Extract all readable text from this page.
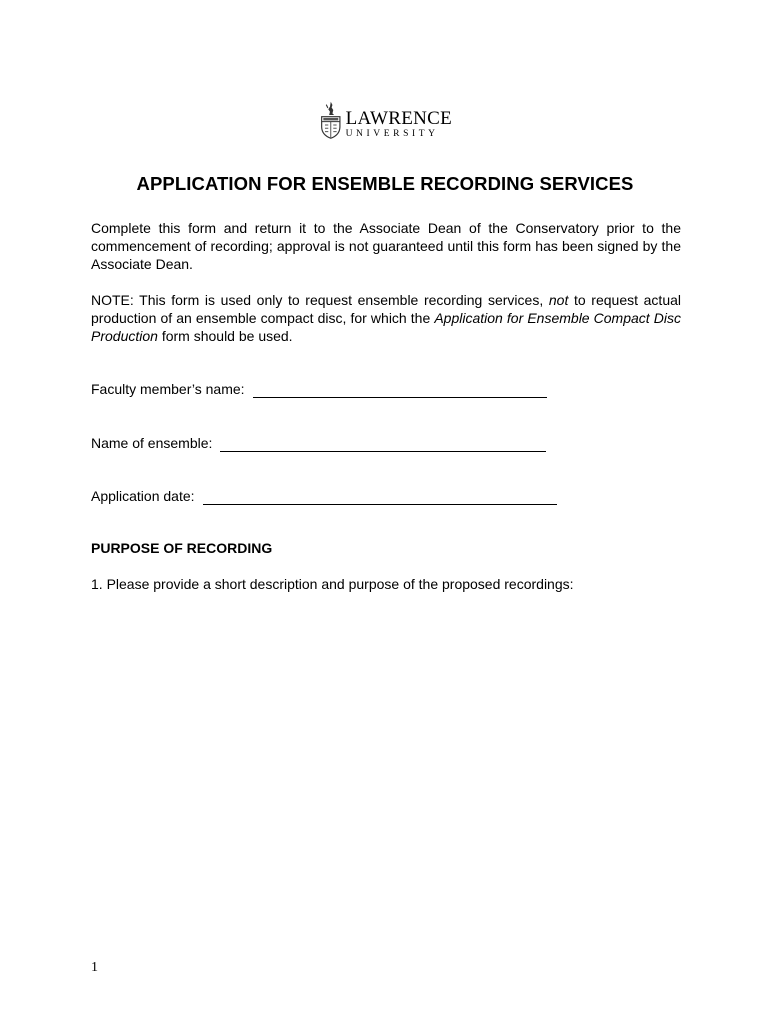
LAWRENCE
UNIVERSITY
APPLICATION FOR ENSEMBLE RECORDING SERVICES

Complete this form and return it to the Associate Dean of the Conservatory prior to the commencement of recording; approval is not guaranteed until this form has been signed by the Associate Dean.

NOTE: This form is used only to request ensemble recording services, not to request actual production of an ensemble compact disc, for which the Application for Ensemble Compact Disc Production form should be used.

Faculty member’s name:
Name of ensemble:
Application date:
PURPOSE OF RECORDING

1. Please provide a short description and purpose of the proposed recordings:

1
